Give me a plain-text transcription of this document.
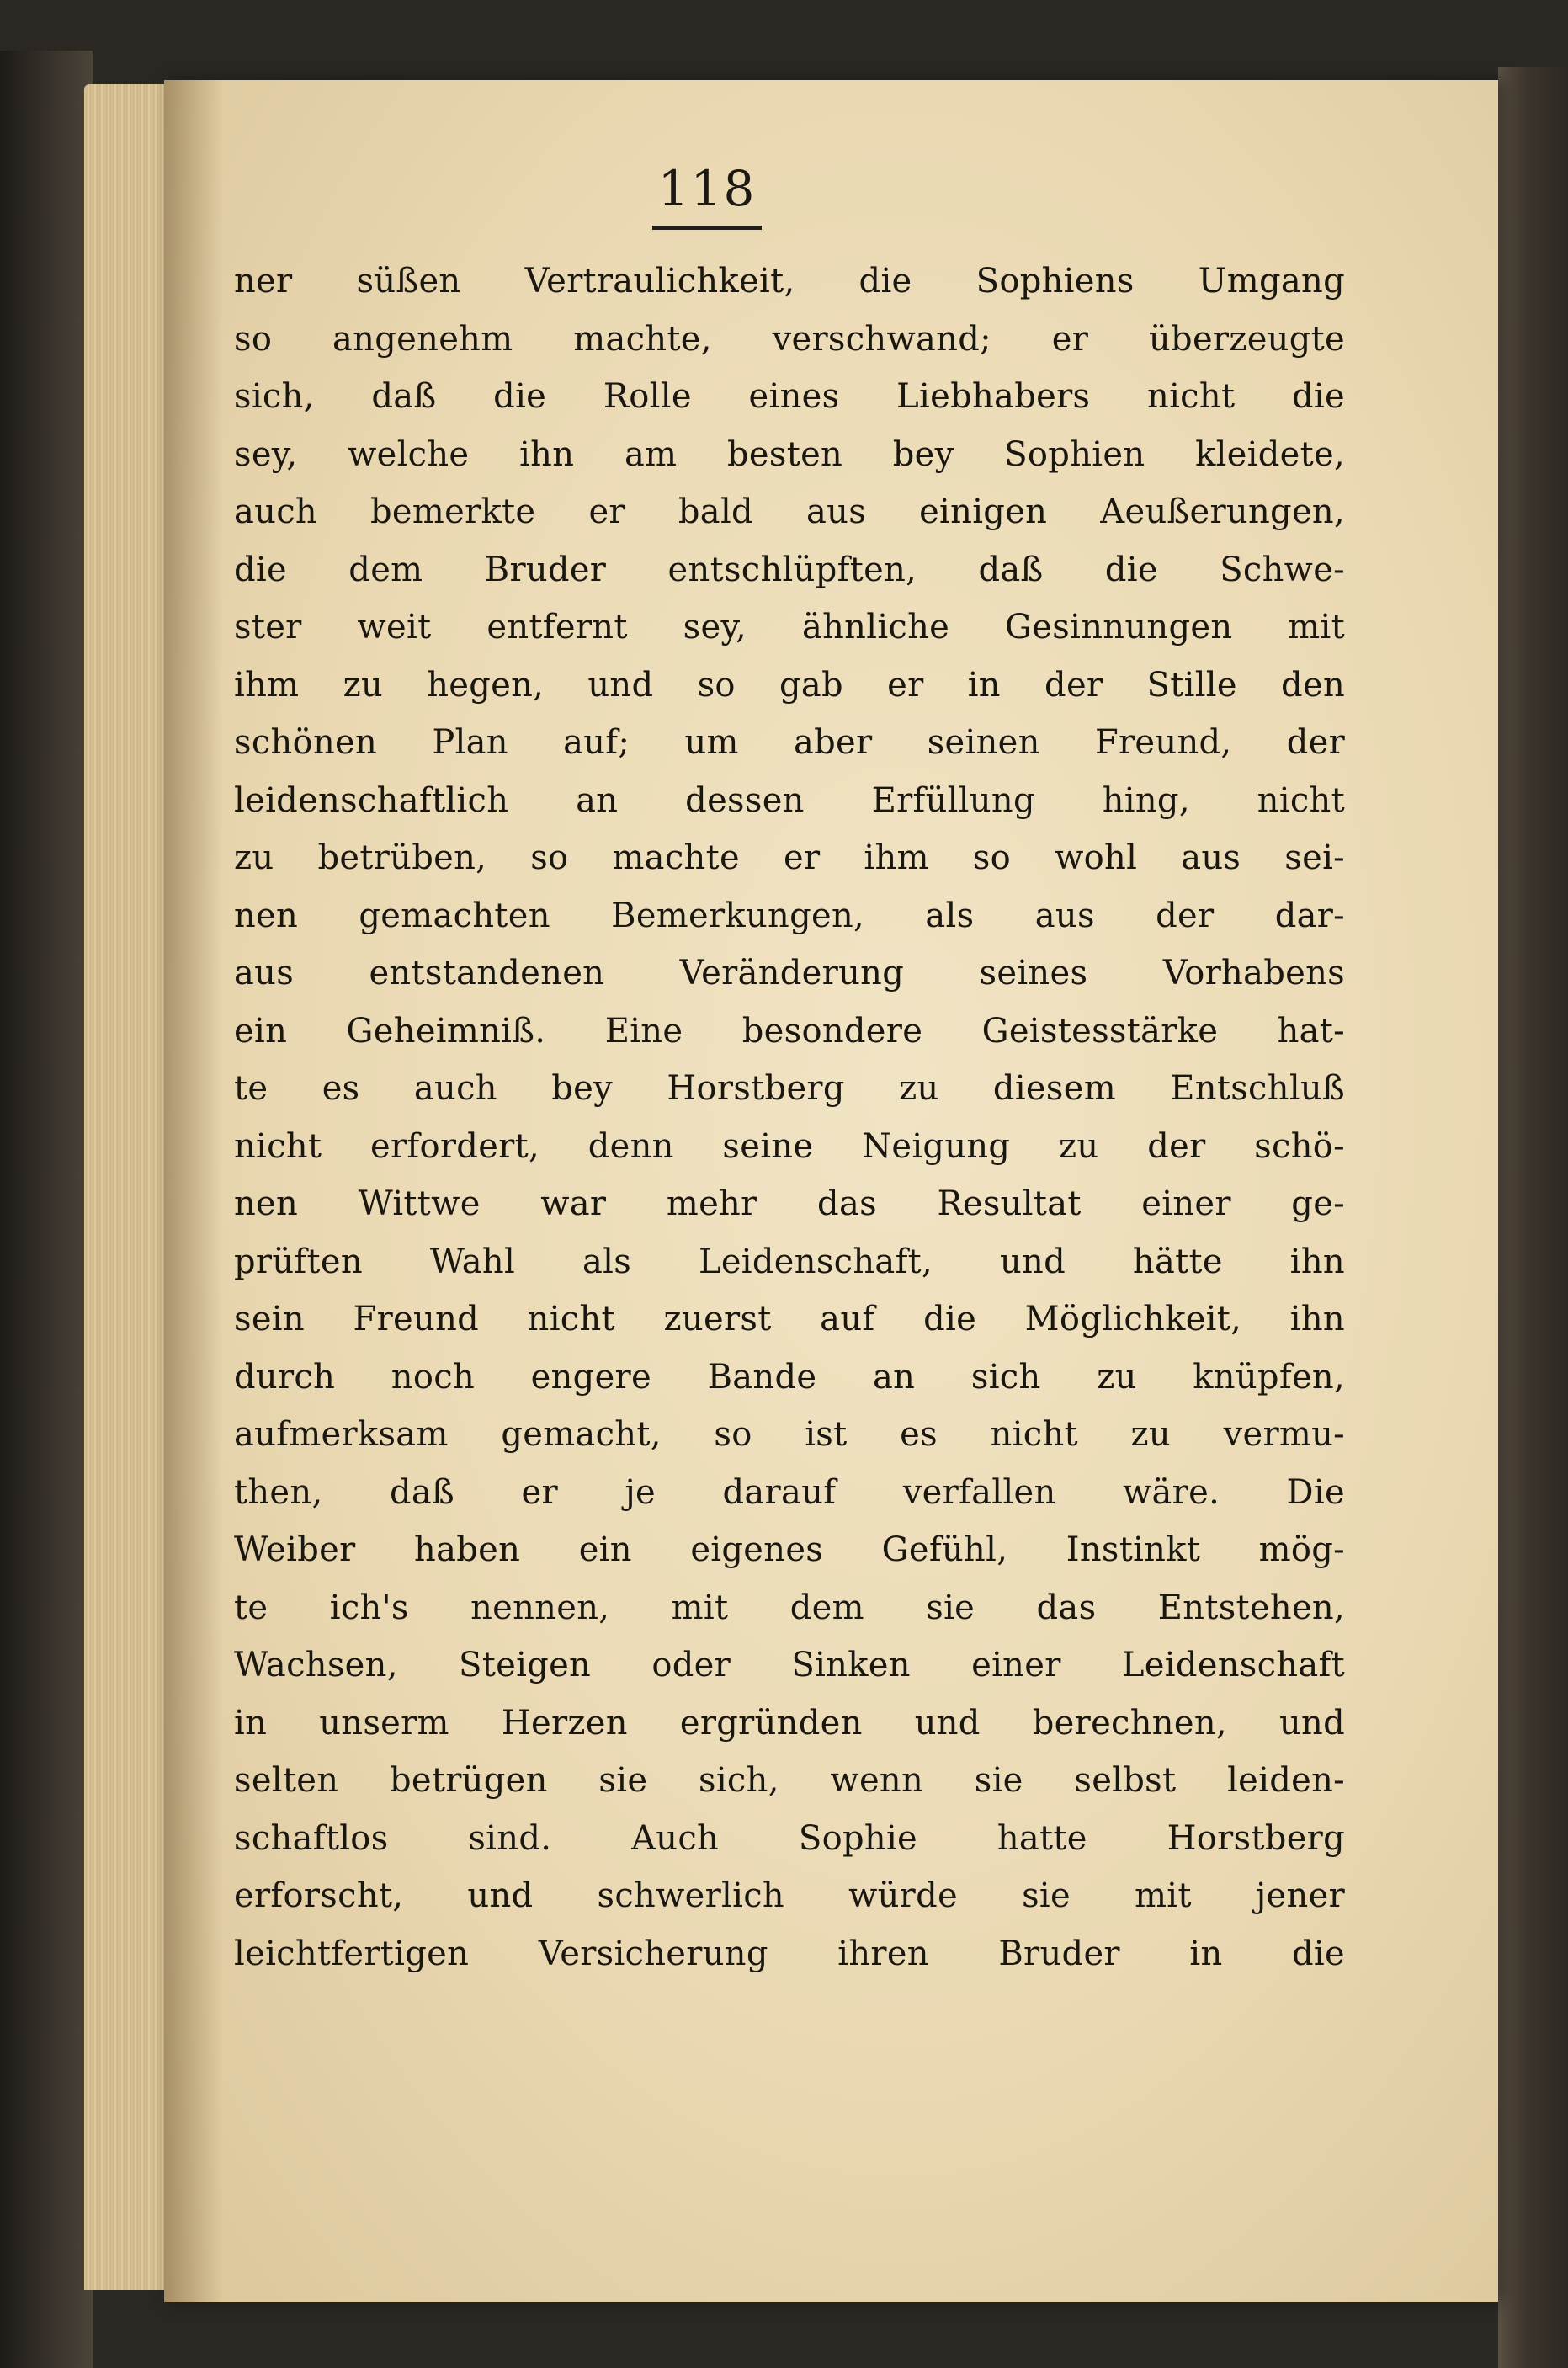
118
ner süßen Vertraulichkeit, die Sophiens Umgang
so angenehm machte, verschwand; er überzeugte
sich, daß die Rolle eines Liebhabers nicht die
sey, welche ihn am besten bey Sophien kleidete,
auch bemerkte er bald aus einigen Aeußerungen,
die dem Bruder entschlüpften, daß die Schwe-
ster weit entfernt sey, ähnliche Gesinnungen mit
ihm zu hegen, und so gab er in der Stille den
schönen Plan auf; um aber seinen Freund, der
leidenschaftlich an dessen Erfüllung hing, nicht
zu betrüben, so machte er ihm so wohl aus sei-
nen gemachten Bemerkungen, als aus der dar-
aus entstandenen Veränderung seines Vorhabens
ein Geheimniß. Eine besondere Geistesstärke hat-
te es auch bey Horstberg zu diesem Entschluß
nicht erfordert, denn seine Neigung zu der schö-
nen Wittwe war mehr das Resultat einer ge-
prüften Wahl als Leidenschaft, und hätte ihn
sein Freund nicht zuerst auf die Möglichkeit, ihn
durch noch engere Bande an sich zu knüpfen,
aufmerksam gemacht, so ist es nicht zu vermu-
then, daß er je darauf verfallen wäre. Die
Weiber haben ein eigenes Gefühl, Instinkt mög-
te ich's nennen, mit dem sie das Entstehen,
Wachsen, Steigen oder Sinken einer Leidenschaft
in unserm Herzen ergründen und berechnen, und
selten betrügen sie sich, wenn sie selbst leiden-
schaftlos sind. Auch Sophie hatte Horstberg
erforscht, und schwerlich würde sie mit jener
leichtfertigen Versicherung ihren Bruder in die
